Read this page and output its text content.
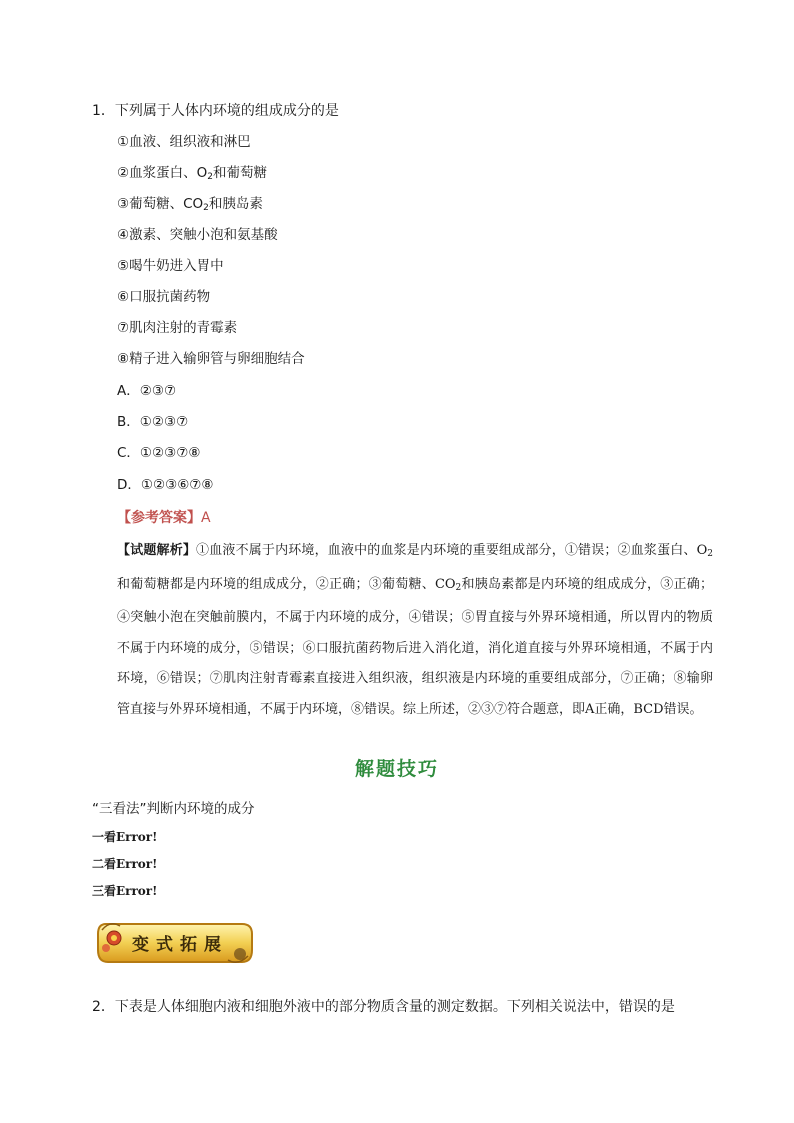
1．下列属于人体内环境的组成成分的是
①血液、组织液和淋巴
②血浆蛋白、$O_2$和葡萄糖
③葡萄糖、$CO_2$和胰岛素
④激素、突触小泡和氨基酸
⑤喝牛奶进入胃中
⑥口服抗菌药物
⑦肌肉注射的青霉素
⑧精子进入输卵管与卵细胞结合
A．②③⑦
B．①②③⑦
C．①②③⑦⑧
D．①②③⑥⑦⑧
【参考答案】A
【试题解析】①血液不属于内环境，血液中的血浆是内环境的重要组成部分，①错误；②血浆蛋白、$O_2$和葡萄糖都是内环境的组成成分，②正确；③葡萄糖、$CO_2$和胰岛素都是内环境的组成成分，③正确；④突触小泡在突触前膜内，不属于内环境的成分，④错误；⑤胃直接与外界环境相通，所以胃内的物质不属于内环境的成分，⑤错误；⑥口服抗菌药物后进入消化道，消化道直接与外界环境相通，不属于内环境，⑥错误；⑦肌肉注射青霉素直接进入组织液，组织液是内环境的重要组成部分，⑦正确；⑧输卵管直接与外界环境相通，不属于内环境，⑧错误。综上所述，②③⑦符合题意，即A正确，BCD错误。
解题技巧
“三看法”判断内环境的成分
一看Error!
二看Error!
三看Error!
变式拓展
2．下表是人体细胞内液和细胞外液中的部分物质含量的测定数据。下列相关说法中，错误的是
